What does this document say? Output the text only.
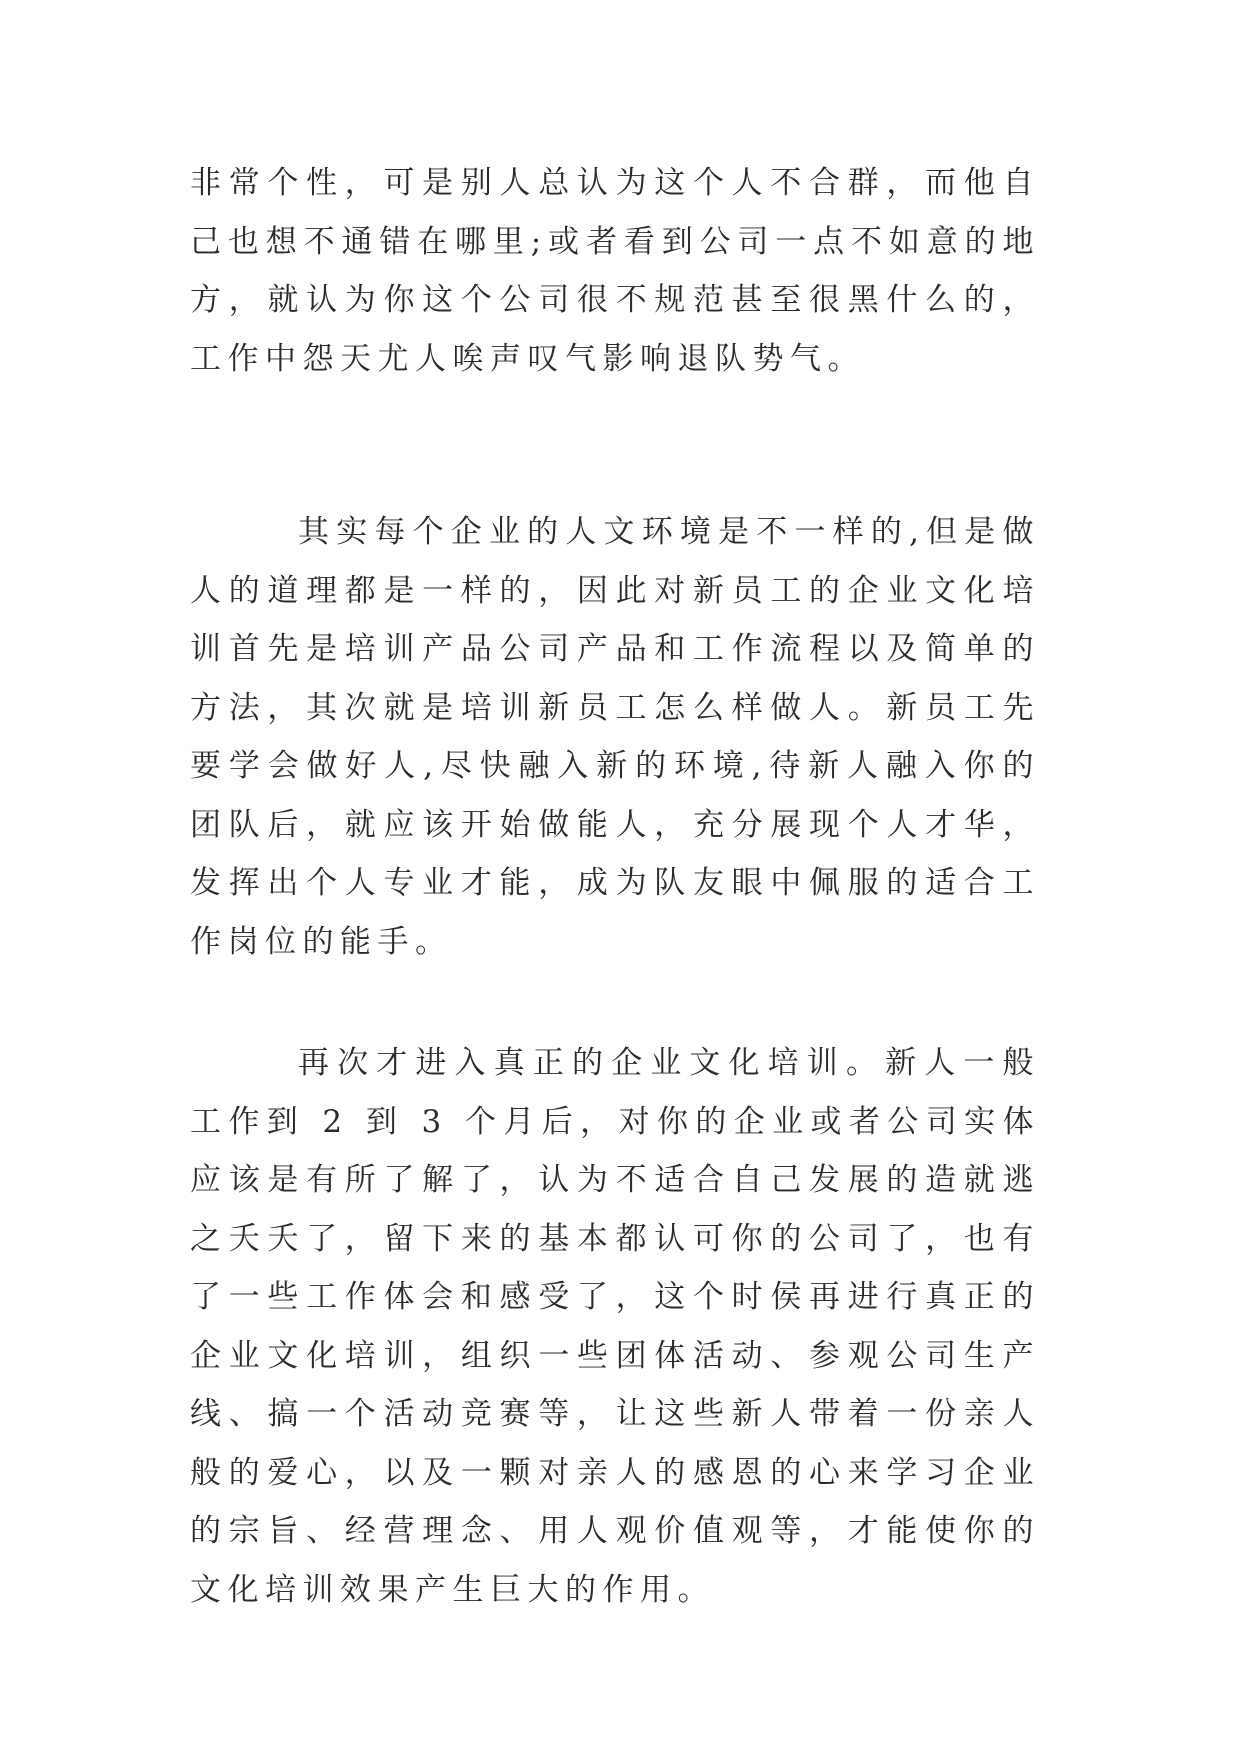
非常个性，可是别人总认为这个人不合群，而他自己也想不通错在哪里;或者看到公司一点不如意的地方，就认为你这个公司很不规范甚至很黑什么的，工作中怨天尤人唉声叹气影响退队势气。

其实每个企业的人文环境是不一样的,但是做人的道理都是一样的，因此对新员工的企业文化培训首先是培训产品公司产品和工作流程以及简单的方法，其次就是培训新员工怎么样做人。新员工先要学会做好人,尽快融入新的环境,待新人融入你的团队后，就应该开始做能人，充分展现个人才华，发挥出个人专业才能，成为队友眼中佩服的适合工作岗位的能手。

再次才进入真正的企业文化培训。新人一般工作到 2 到 3 个月后，对你的企业或者公司实体应该是有所了解了，认为不适合自己发展的造就逃之夭夭了，留下来的基本都认可你的公司了，也有了一些工作体会和感受了，这个时侯再进行真正的企业文化培训，组织一些团体活动、参观公司生产线、搞一个活动竞赛等，让这些新人带着一份亲人般的爱心，以及一颗对亲人的感恩的心来学习企业的宗旨、经营理念、用人观价值观等，才能使你的文化培训效果产生巨大的作用。
